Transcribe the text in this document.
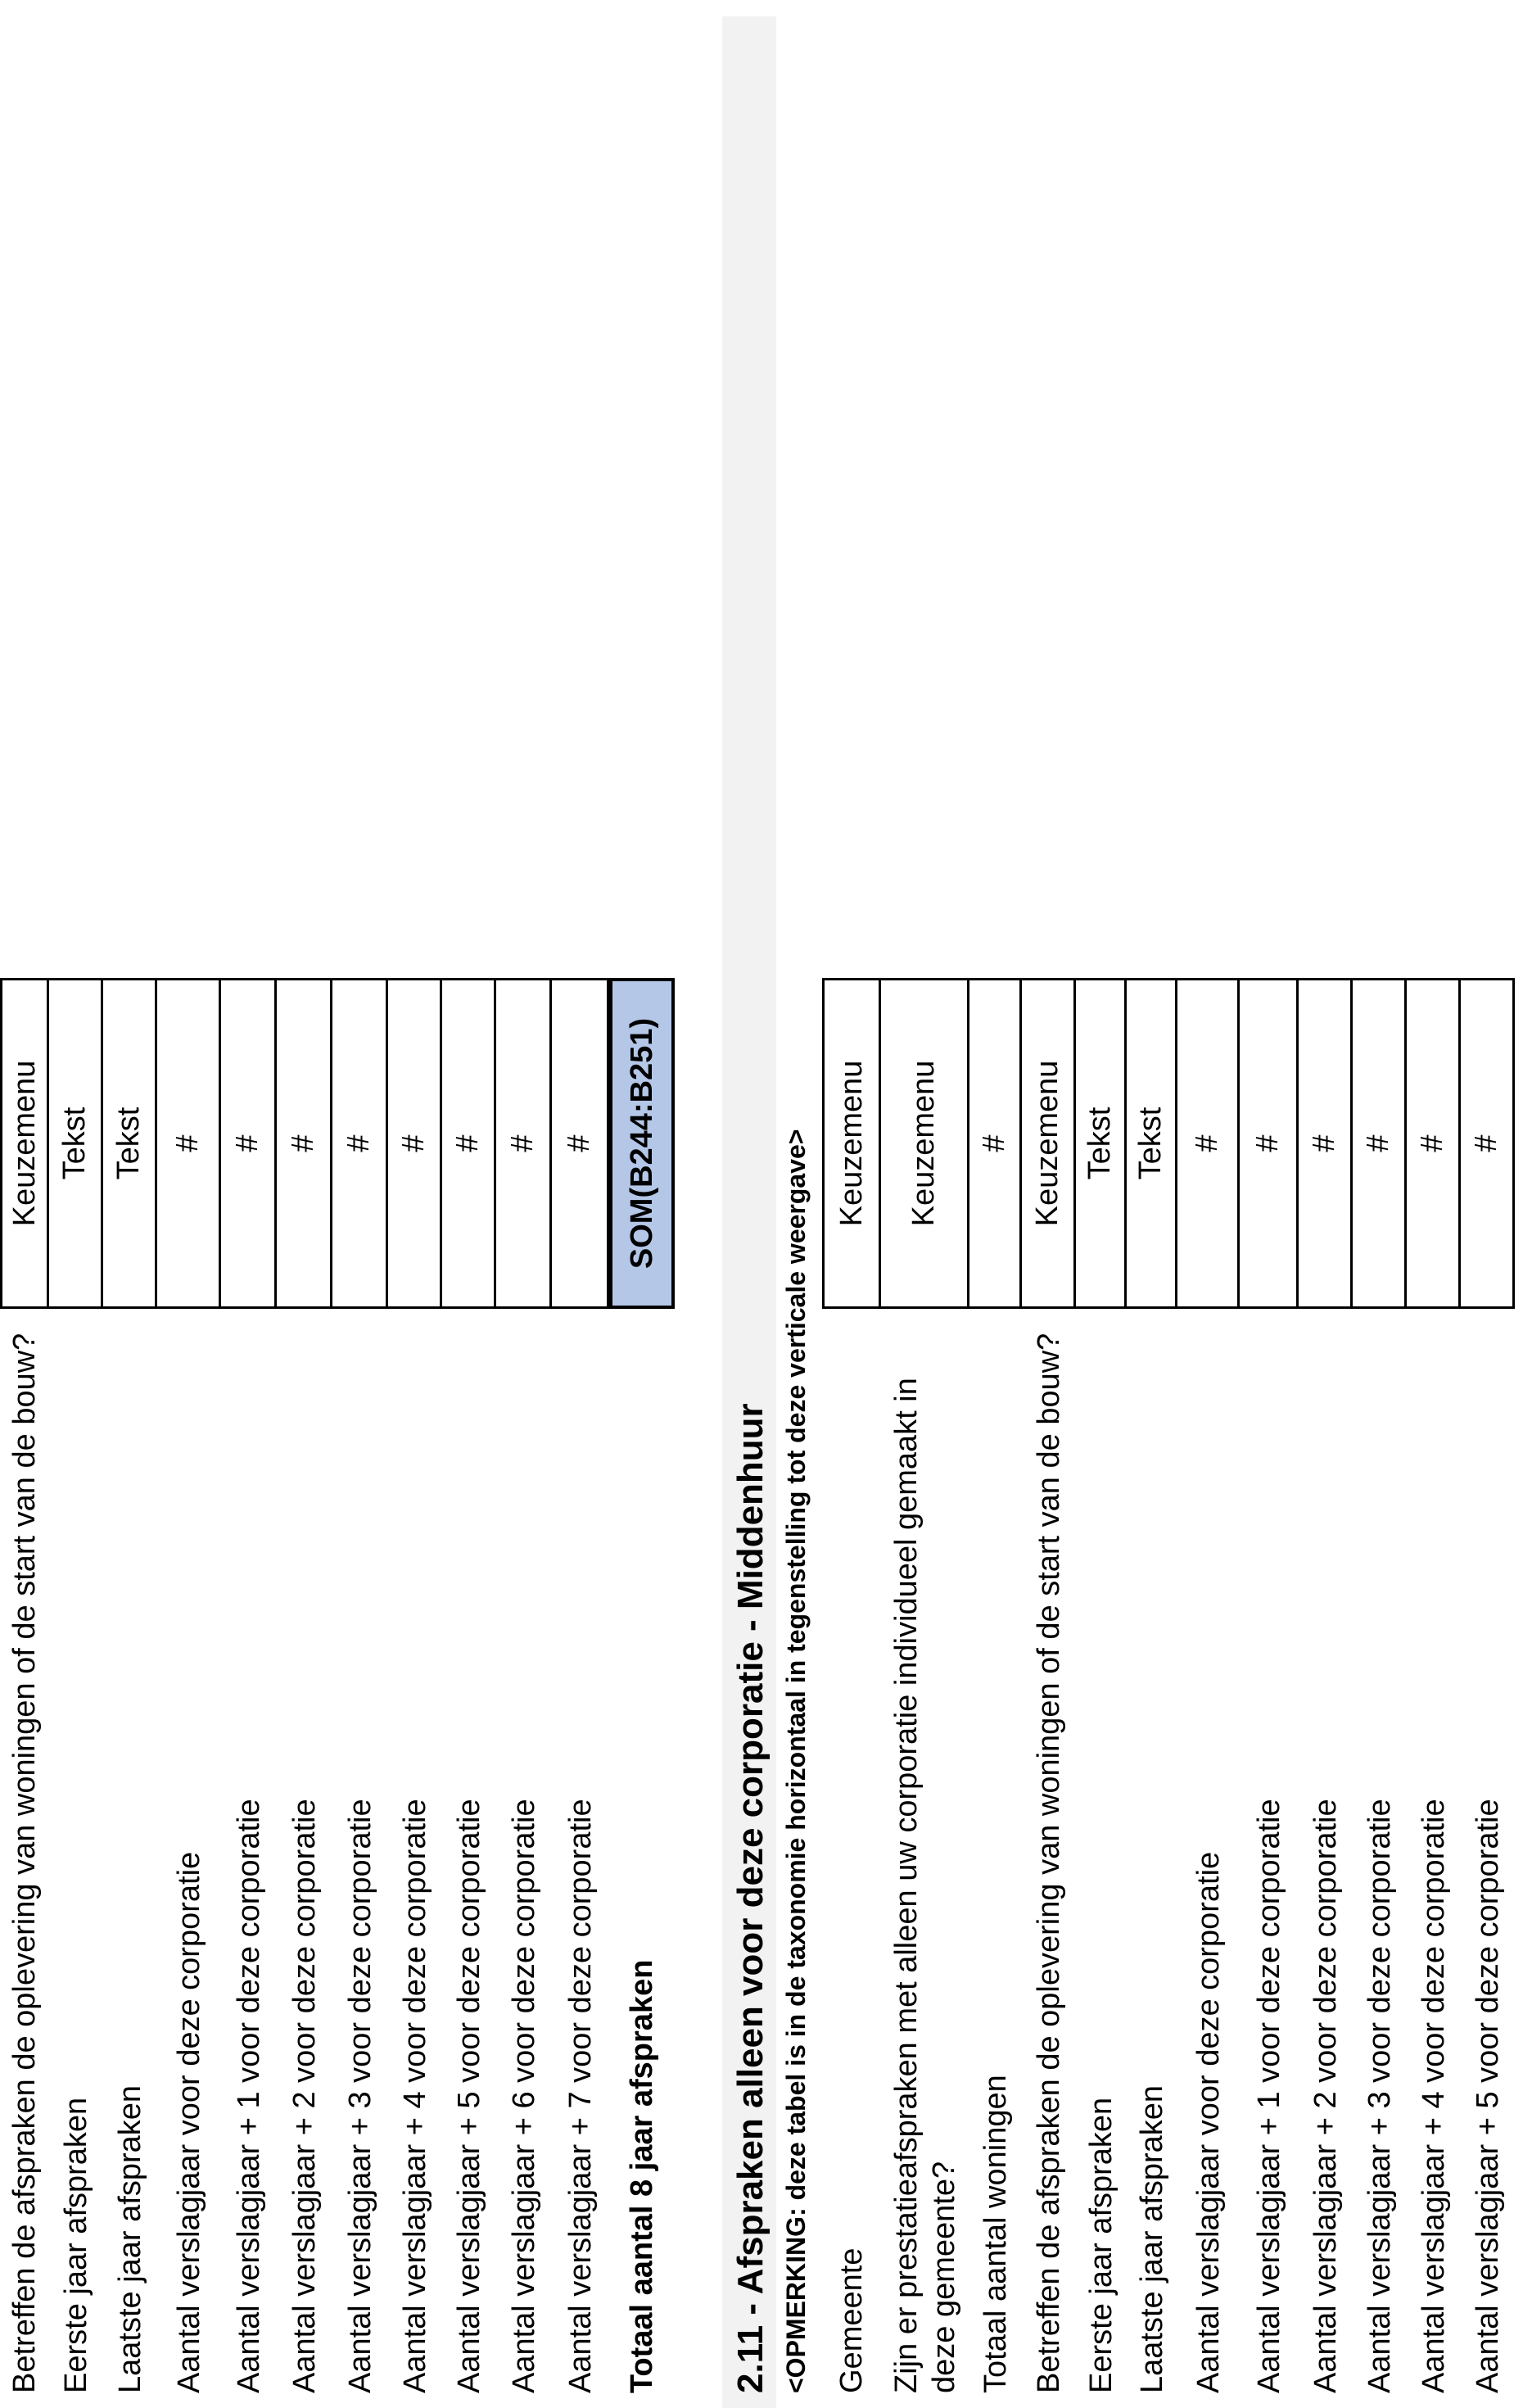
Betreffen de afspraken de oplevering van woningen of de start van de bouw?
Keuzemenu
Eerste jaar afspraken
Tekst
Laatste jaar afspraken
Tekst
Aantal verslagjaar voor deze corporatie
#
Aantal verslagjaar + 1 voor deze corporatie
#
Aantal verslagjaar + 2 voor deze corporatie
#
Aantal verslagjaar + 3 voor deze corporatie
#
Aantal verslagjaar + 4 voor deze corporatie
#
Aantal verslagjaar + 5 voor deze corporatie
#
Aantal verslagjaar + 6 voor deze corporatie
#
Aantal verslagjaar + 7 voor deze corporatie
#
Totaal aantal 8 jaar afspraken
SOM(B244:B251)
2.11 - Afspraken alleen voor deze corporatie - Middenhuur <OPMERKING: deze tabel is in de taxonomie horizontaal in tegenstelling tot deze verticale weergave> Gemeente
Keuzemenu
Zijn er prestatieafspraken met alleen uw corporatie individueel gemaakt in deze gemeente?
Keuzemenu
Totaal aantal woningen
#
Betreffen de afspraken de oplevering van woningen of de start van de bouw?
Keuzemenu
Eerste jaar afspraken
Tekst
Laatste jaar afspraken
Tekst
Aantal verslagjaar voor deze corporatie
#
Aantal verslagjaar + 1 voor deze corporatie
#
Aantal verslagjaar + 2 voor deze corporatie
#
Aantal verslagjaar + 3 voor deze corporatie
#
Aantal verslagjaar + 4 voor deze corporatie
#
Aantal verslagjaar + 5 voor deze corporatie
#
